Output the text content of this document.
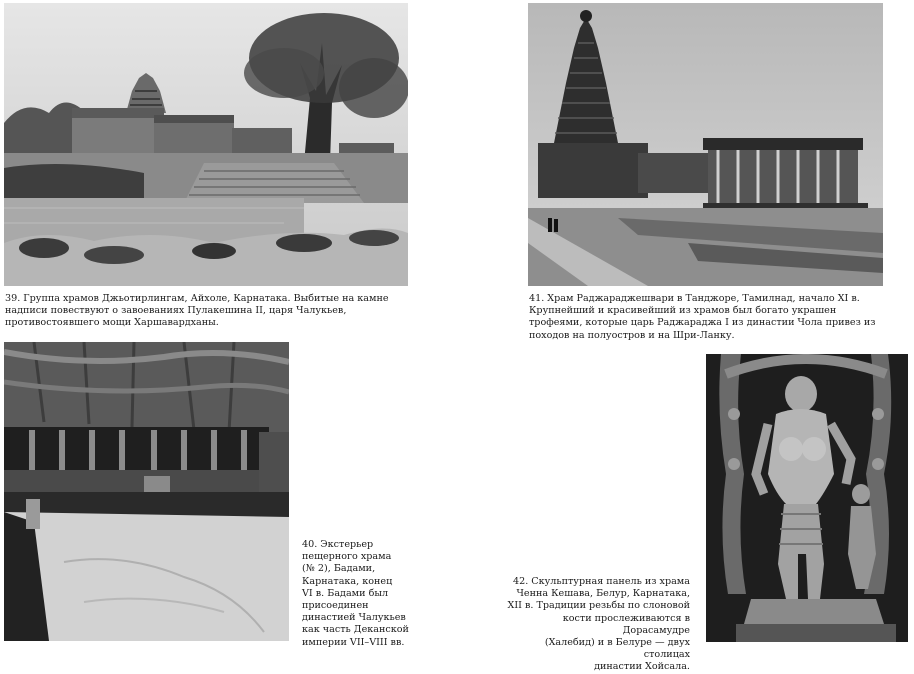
39. Группа храмов Джьотирлингам, Айхоле, Карнатака. Выбитые на камне надписи повествуют о завоеваниях Пулакешина II, царя Чалукьев, противостоявшего мощи Харшавардханы.

41. Храм Раджараджешвари в Танджоре, Тамилнад, начало XI в. Крупнейший и красивейший из храмов был богато украшен трофеями, которые царь Раджараджа I из династии Чола привез из походов на полуостров и на Шри-Ланку.

40. Экстерьер
пещерного храма
(№ 2), Бадами,
Карнатака, конец
VI в. Бадами был
присоединен
династией Чалукьев
как часть Деканской
империи VII–VIII вв.
42. Скульптурная панель из храма
Ченна Кешава, Белур, Карнатака,
XII в. Традиции резьбы по слоновой
кости прослеживаются в Дорасамудре
(Халебид) и в Белуре — двух столицах
династии Хойсала.
